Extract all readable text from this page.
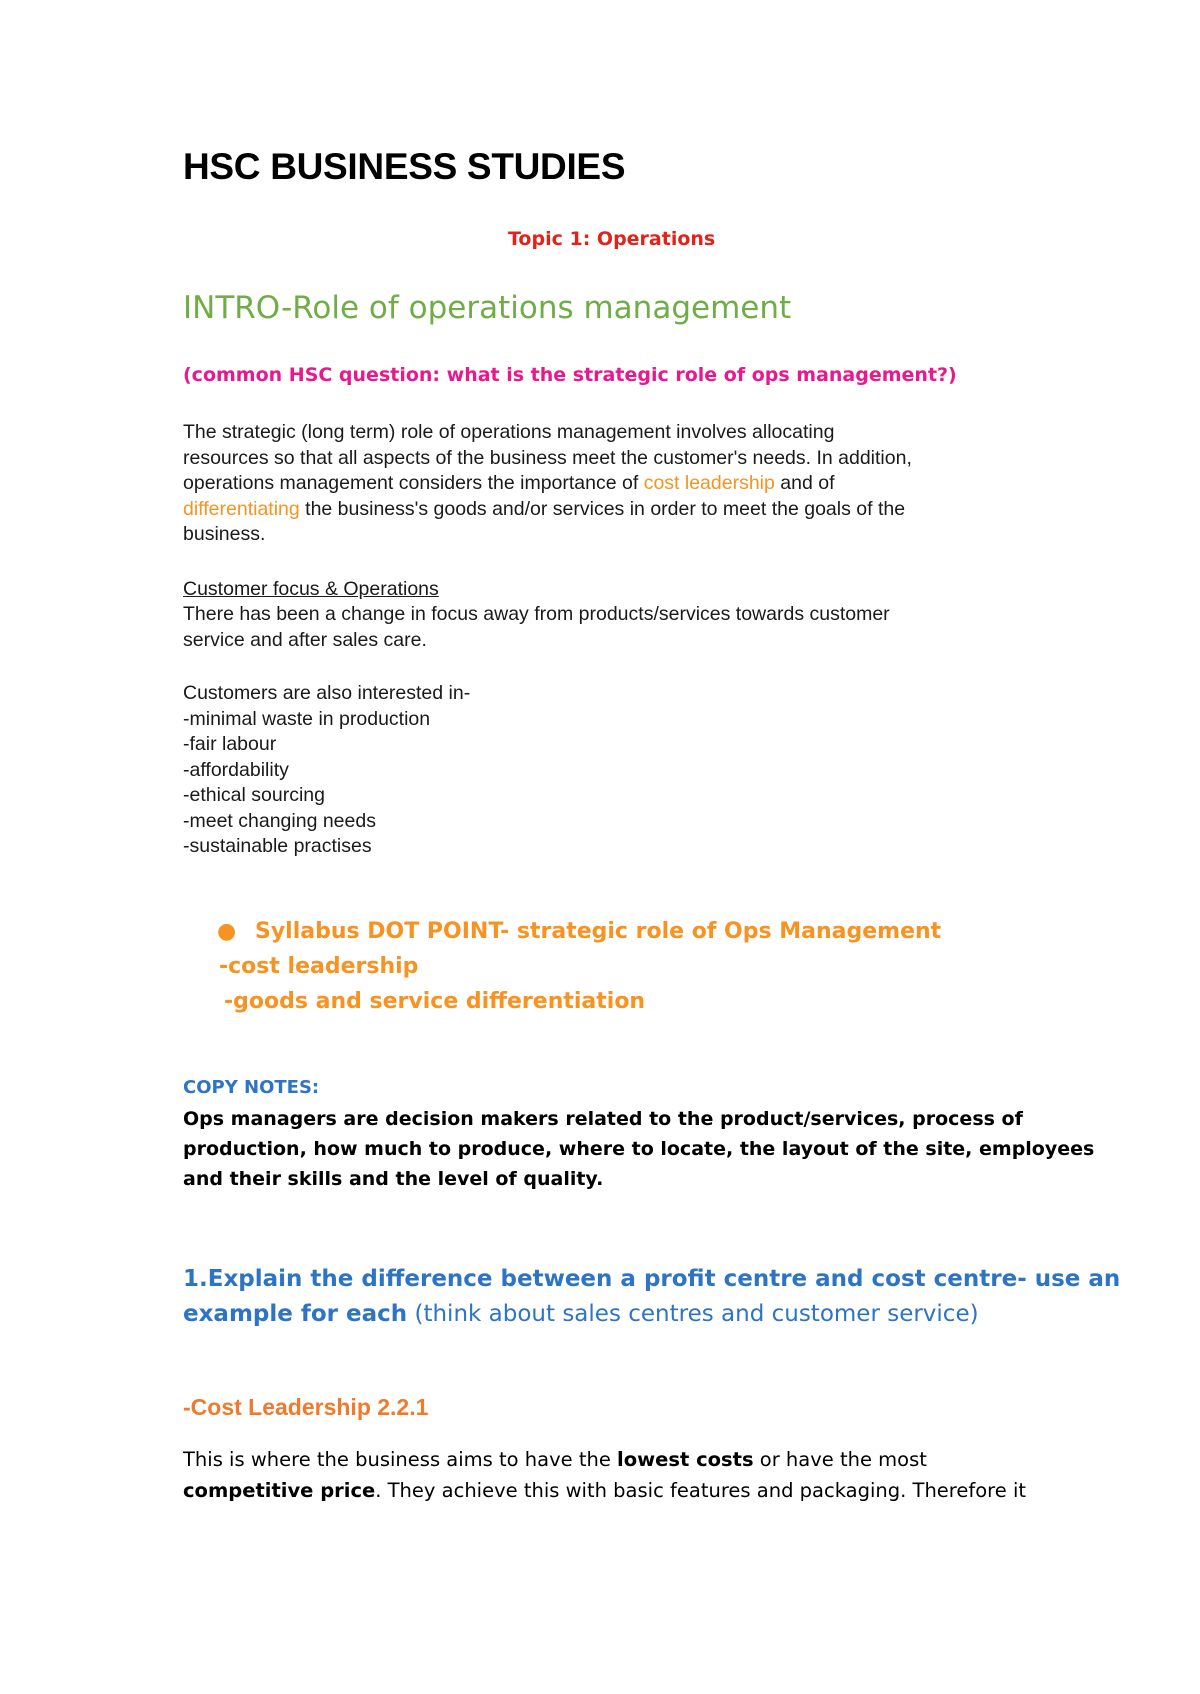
HSC BUSINESS STUDIES
Topic 1: Operations
INTRO-Role of operations management
(common HSC question: what is the strategic role of ops management?)
The strategic (long term) role of operations management involves allocating
resources so that all aspects of the business meet the customer's needs. In addition,
operations management considers the importance of cost leadership and of
differentiating the business's goods and/or services in order to meet the goals of the
business.
Customer focus & Operations
There has been a change in focus away from products/services towards customer
service and after sales care.
Customers are also interested in-
-minimal waste in production
-fair labour
-affordability
-ethical sourcing
-meet changing needs
-sustainable practises
● Syllabus DOT POINT- strategic role of Ops Management
-cost leadership
-goods and service differentiation
COPY NOTES:
Ops managers are decision makers related to the product/services, process of
production, how much to produce, where to locate, the layout of the site, employees
and their skills and the level of quality.
1.Explain the difference between a profit centre and cost centre- use an
example for each (think about sales centres and customer service)
-Cost Leadership 2.2.1
This is where the business aims to have the lowest costs or have the most
competitive price. They achieve this with basic features and packaging. Therefore it
